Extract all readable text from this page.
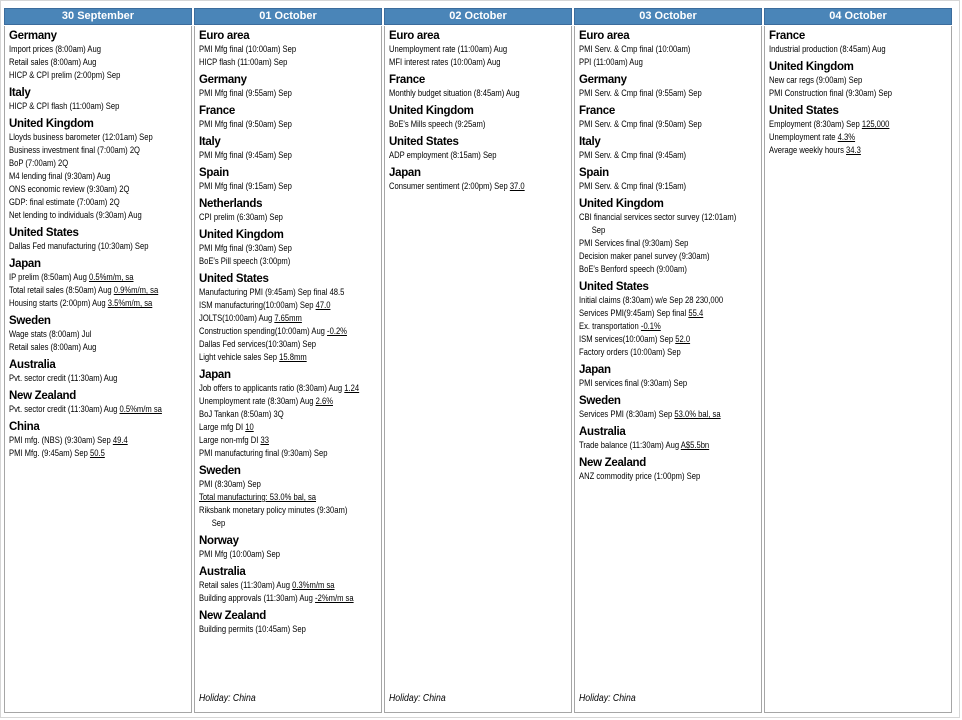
30 September
Germany
Import prices (8:00am) Aug
Retail sales (8:00am) Aug
HICP & CPI prelim (2:00pm) Sep
Italy
HICP & CPI flash (11:00am) Sep
United Kingdom
Lloyds business barometer (12:01am) Sep
Business investment final (7:00am) 2Q
BoP (7:00am) 2Q
M4 lending final (9:30am) Aug
ONS economic review (9:30am) 2Q
GDP: final estimate (7:00am) 2Q
Net lending to individuals (9:30am) Aug
United States
Dallas Fed manufacturing (10:30am) Sep
Japan
IP prelim (8:50am) Aug 0.5%m/m, sa
Total retail sales (8:50am) Aug 0.9%m/m, sa
Housing starts (2:00pm) Aug 3.5%m/m, sa
Sweden
Wage stats (8:00am) Jul
Retail sales (8:00am) Aug
Australia
Pvt. sector credit (11:30am) Aug
New Zealand
Pvt. sector credit (11:30am) Aug 0.5%m/m sa
China
PMI mfg. (NBS) (9:30am) Sep 49.4
PMI Mfg. (9:45am) Sep 50.5
01 October
Euro area
PMI Mfg final (10:00am) Sep
HICP flash (11:00am) Sep
Germany
PMI Mfg final (9:55am) Sep
France
PMI Mfg final (9:50am) Sep
Italy
PMI Mfg final (9:45am) Sep
Spain
PMI Mfg final (9:15am) Sep
Netherlands
CPI prelim (6:30am) Sep
United Kingdom
PMI Mfg final (9:30am) Sep
BoE's Pill speech (3:00pm)
United States
Manufacturing PMI (9:45am) Sep final 48.5
ISM manufacturing(10:00am) Sep 47.0
JOLTS(10:00am) Aug 7.65mm
Construction spending(10:00am) Aug -0.2%
Dallas Fed services(10:30am) Sep
Light vehicle sales Sep 15.8mm
Japan
Job offers to applicants ratio (8:30am) Aug 1.24
Unemployment rate (8:30am) Aug 2.6%
BoJ Tankan (8:50am) 3Q
Large mfg DI 10
Large non-mfg DI 33
PMI manufacturing final (9:30am) Sep
Sweden
PMI (8:30am) Sep
Total manufacturing: 53.0% bal, sa
Riksbank monetary policy minutes (9:30am)
Sep
Norway
PMI Mfg (10:00am) Sep
Australia
Retail sales (11:30am) Aug 0.3%m/m sa
Building approvals (11:30am) Aug -2%m/m sa
New Zealand
Building permits (10:45am) Sep
Holiday: China
02 October
Euro area
Unemployment rate (11:00am) Aug
MFI interest rates (10:00am) Aug
France
Monthly budget situation (8:45am) Aug
United Kingdom
BoE's Mills speech (9:25am)
United States
ADP employment (8:15am) Sep
Japan
Consumer sentiment (2:00pm) Sep 37.0
Holiday: China
03 October
Euro area
PMI Serv. & Cmp final (10:00am)
PPI (11:00am) Aug
Germany
PMI Serv. & Cmp final (9:55am) Sep
France
PMI Serv. & Cmp final (9:50am) Sep
Italy
PMI Serv. & Cmp final (9:45am)
Spain
PMI Serv. & Cmp final (9:15am)
United Kingdom
CBI financial services sector survey (12:01am)
Sep
PMI Services final (9:30am) Sep
Decision maker panel survey (9:30am)
BoE's Benford speech (9:00am)
United States
Initial claims (8:30am) w/e Sep 28 230,000
Services PMI(9:45am) Sep final 55.4
Ex. transportation -0.1%
ISM services(10:00am) Sep 52.0
Factory orders (10:00am) Sep
Japan
PMI services final (9:30am) Sep
Sweden
Services PMI (8:30am) Sep 53.0% bal, sa
Australia
Trade balance (11:30am) Aug A$5.5bn
New Zealand
ANZ commodity price (1:00pm) Sep
Holiday: China
04 October
France
Industrial production (8:45am) Aug
United Kingdom
New car regs (9:00am) Sep
PMI Construction final (9:30am) Sep
United States
Employment (8:30am) Sep 125,000
Unemployment rate 4.3%
Average weekly hours 34.3
